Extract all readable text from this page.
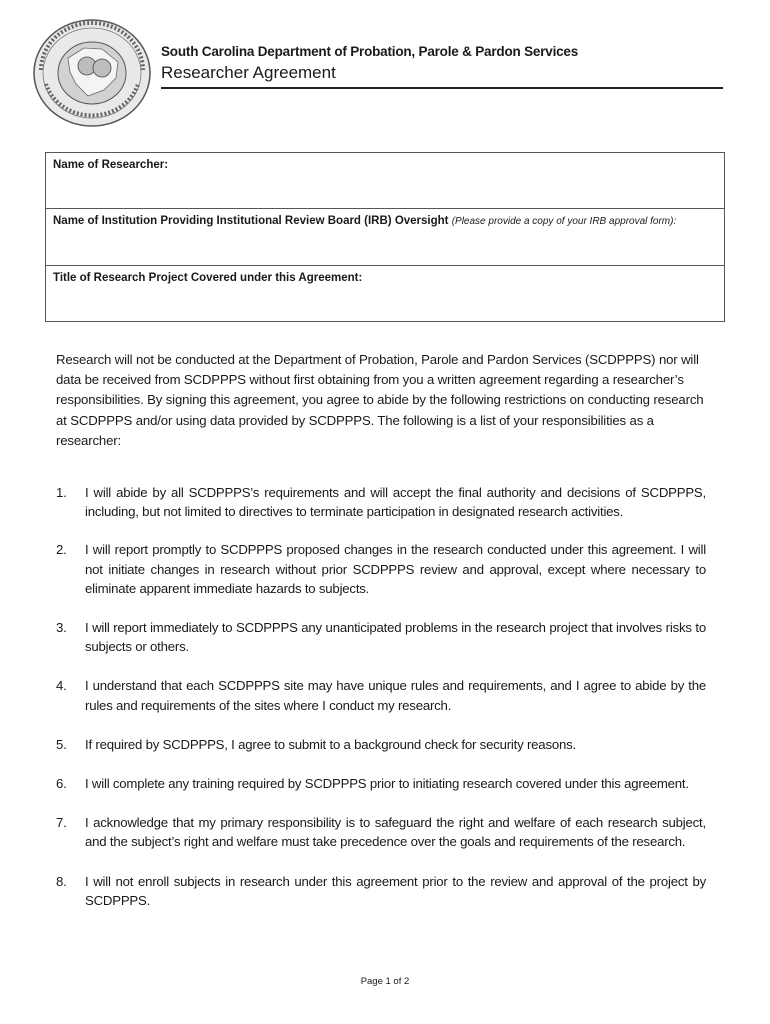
South Carolina Department of Probation, Parole & Pardon Services
Researcher Agreement
Name of Researcher:
Name of Institution Providing Institutional Review Board (IRB) Oversight (Please provide a copy of your IRB approval form):
Title of Research Project Covered under this Agreement:
Research will not be conducted at the Department of Probation, Parole and Pardon Services (SCDPPPS) nor will data be received from SCDPPPS without first obtaining from you a written agreement regarding a researcher’s responsibilities. By signing this agreement, you agree to abide by the following restrictions on conducting research at SCDPPPS and/or using data provided by SCDPPPS. The following is a list of your responsibilities as a researcher:
1.	I will abide by all SCDPPPS’s requirements and will accept the final authority and decisions of SCDPPPS, including, but not limited to directives to terminate participation in designated research activities.
2.	I will report promptly to SCDPPPS proposed changes in the research conducted under this agreement. I will not initiate changes in research without prior SCDPPPS review and approval, except where necessary to eliminate apparent immediate hazards to subjects.
3.	I will report immediately to SCDPPPS any unanticipated problems in the research project that involves risks to subjects or others.
4.	I understand that each SCDPPPS site may have unique rules and requirements, and I agree to abide by the rules and requirements of the sites where I conduct my research.
5.	If required by SCDPPPS, I agree to submit to a background check for security reasons.
6.	I will complete any training required by SCDPPPS prior to initiating research covered under this agreement.
7.	I acknowledge that my primary responsibility is to safeguard the right and welfare of each research subject, and the subject’s right and welfare must take precedence over the goals and requirements of the research.
8.	I will not enroll subjects in research under this agreement prior to the review and approval of the project by SCDPPPS.
Page 1 of 2
